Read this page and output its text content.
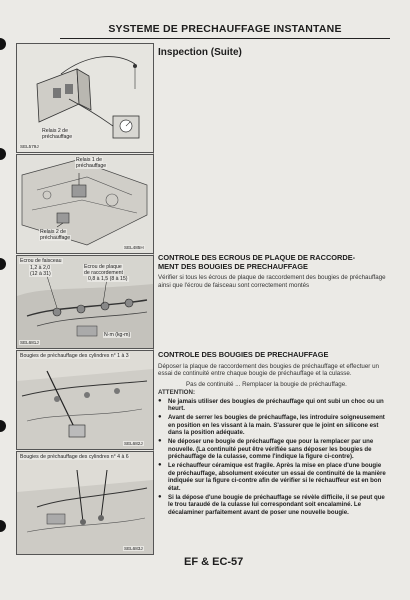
SYSTEME DE PRECHAUFFAGE INSTANTANE
Relais 2 de
préchauffage
SEL579J
Relais 1 de
préchauffage
Relais 2 de
préchauffage
SEL485H
Ecrou de faisceau
1,2 à 2,0
(12 à 31)
Ecrou de plaque
de raccordement
0,8 à 1,5 (8 à 15)
N·m (kg-m)
SEL681J
Bougies de préchauffage des cylindres n° 1 à 3
SEL682J
Bougies de préchauffage des cylindres n° 4 à 6
SEL683J
Inspection (Suite)
CONTROLE DES ECROUS DE PLAQUE DE RACCORDE-
MENT DES BOUGIES DE PRECHAUFFAGE
Vérifier si tous les écrous de plaque de raccordement des bougies de préchauffage ainsi que l'écrou de faisceau sont correctement montés
CONTROLE DES BOUGIES DE PRECHAUFFAGE
Déposer la plaque de raccordement des bougies de préchauffage et effectuer un essai de continuité entre chaque bougie de préchauffage et la culasse.
Pas de continuité ... Remplacer la bougie de préchauffage.
ATTENTION:
● Ne jamais utiliser des bougies de préchauffage qui ont subi un choc ou un heurt.
● Avant de serrer les bougies de préchauffage, les introduire soigneusement en position en les vissant à la main. S'assurer que le joint en silicone est dans la position adéquate.
● Ne déposer une bougie de préchauffage que pour la remplacer par une nouvelle. (La continuité peut être vérifiée sans déposer les bougies de préchauffage de la culasse, comme l'indique la figure ci-contre).
● Le réchauffeur céramique est fragile. Après la mise en place d'une bougie de préchauffage, absolument exécuter un essai de continuité de la manière indiquée sur la figure ci-contre afin de vérifier si le réchauffeur est en bon état.
● Si la dépose d'une bougie de préchauffage se révèle difficile, il se peut que le trou taraudé de la culasse lui correspondant soit encalaminé. Le décalaminer parfaitement avant de poser une nouvelle bougie.
EF & EC-57
